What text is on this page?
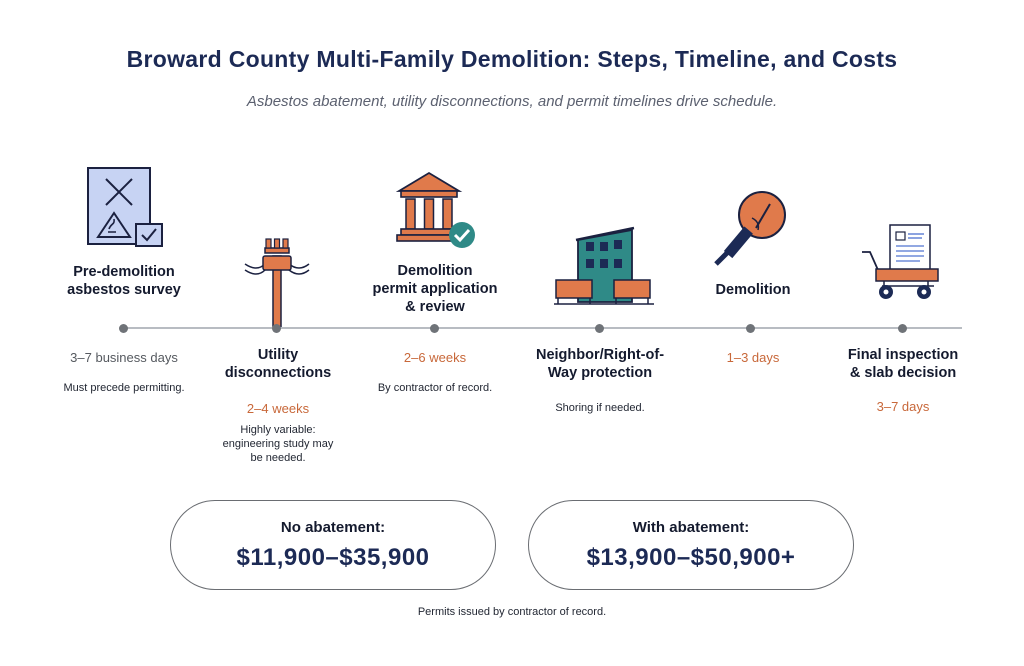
Broward County Multi-Family Demolition: Steps, Timeline, and Costs
Asbestos abatement, utility disconnections, and permit timelines drive schedule.
Pre-demolition
asbestos survey
3–7 business days
Must precede permitting.
Utility
disconnections
2–4 weeks
Highly variable:
engineering study may
be needed.
Demolition
permit application
& review
2–6 weeks
By contractor of record.
Neighbor/Right-of-
Way protection
Shoring if needed.
Demolition
1–3 days	Final inspection
& slab decision
3–7 days
No abatement:
$11,900–$35,900
With abatement:
$13,900–$50,900+
Permits issued by contractor of record.
